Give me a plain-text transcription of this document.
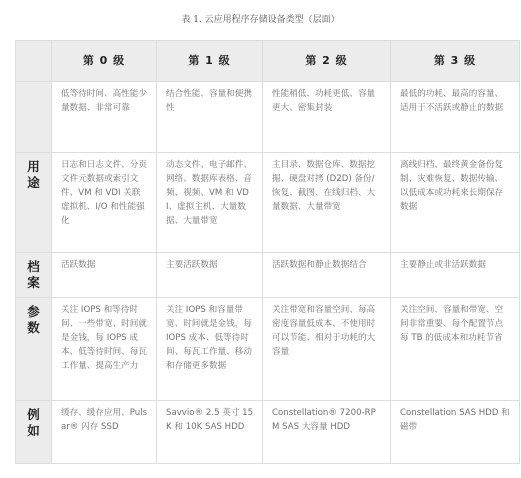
表 1. 云应用程序存储设备类型（层面）
	第 0 级	第 1 级	第 2 级	第 3 级
	低等待时间、高性能少量数据、非常可靠	结合性能、容量和便携性	性能稍低、功耗更低、容量更大、密集封装	最低的功耗、最高的容量、适用于不活跃或静止的数据
用途	日志和日志文件、分页文件元数据或索引文件、VM 和 VDI 关联虚拟机、I/O 和性能强化	动态文件、电子邮件、网络、数据库表格、音频、视频、VM 和 VDI、虚拟主机、大量数据、大量带宽	主目录、数据仓库、数据挖掘、硬盘对拷 (D2D) 备份/恢复、截图、在线归档、大量数据、大量带宽	离线归档、最终黄金备份复制、灾难恢复、数据传输、以低成本或功耗来长期保存数据
档案	活跃数据	主要活跃数据	活跃数据和静止数据结合	主要静止或非活跃数据
参数	关注 IOPS 和等待时间、一些带宽、时间就是金钱，每 IOPS 成本、低等待时间、每瓦工作量、提高生产力	关注 IOPS 和容量带宽、时间就是金钱，每 IOPS 成本、低等待时间、每瓦工作量、移动和存储更多数据	关注带宽和容量空间、每高密度容量低成本、不使用时可以节能、相对于功耗的大容量	关注空间、容量和带宽、空间非常重要、每个配置节点每 TB 的低成本和功耗节省
例如	缓存、缓存应用、Pulsar® 闪存 SSD	Savvio® 2.5 英寸 15K 和 10K SAS HDD	Constellation® 7200-RPM SAS 大容量 HDD	Constellation SAS HDD 和磁带
